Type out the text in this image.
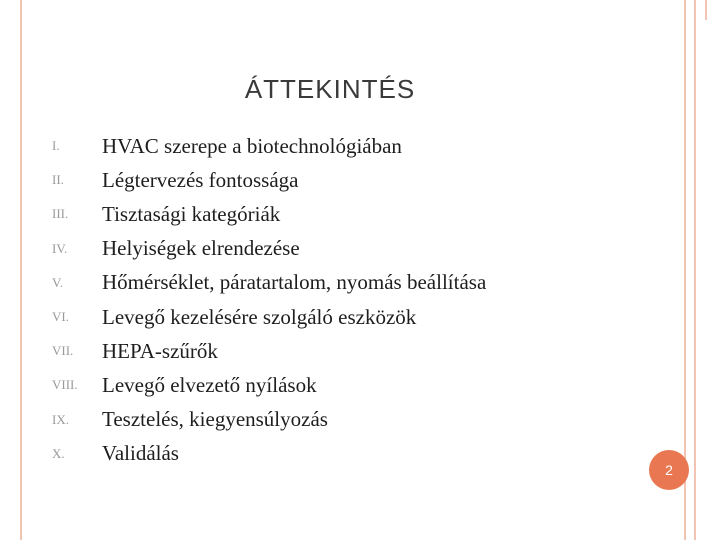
ÁTTEKINTÉS
I.	HVAC szerepe a biotechnológiában
II.	Légtervezés fontossága
III.	Tisztasági kategóriák
IV.	Helyiségek elrendezése
V.	Hőmérséklet, páratartalom, nyomás beállítása
VI.	Levegő kezelésére szolgáló eszközök
VII.	HEPA-szűrők
VIII.	Levegő elvezető nyílások
IX.	Tesztelés, kiegyensúlyozás
X.	Validálás
2
